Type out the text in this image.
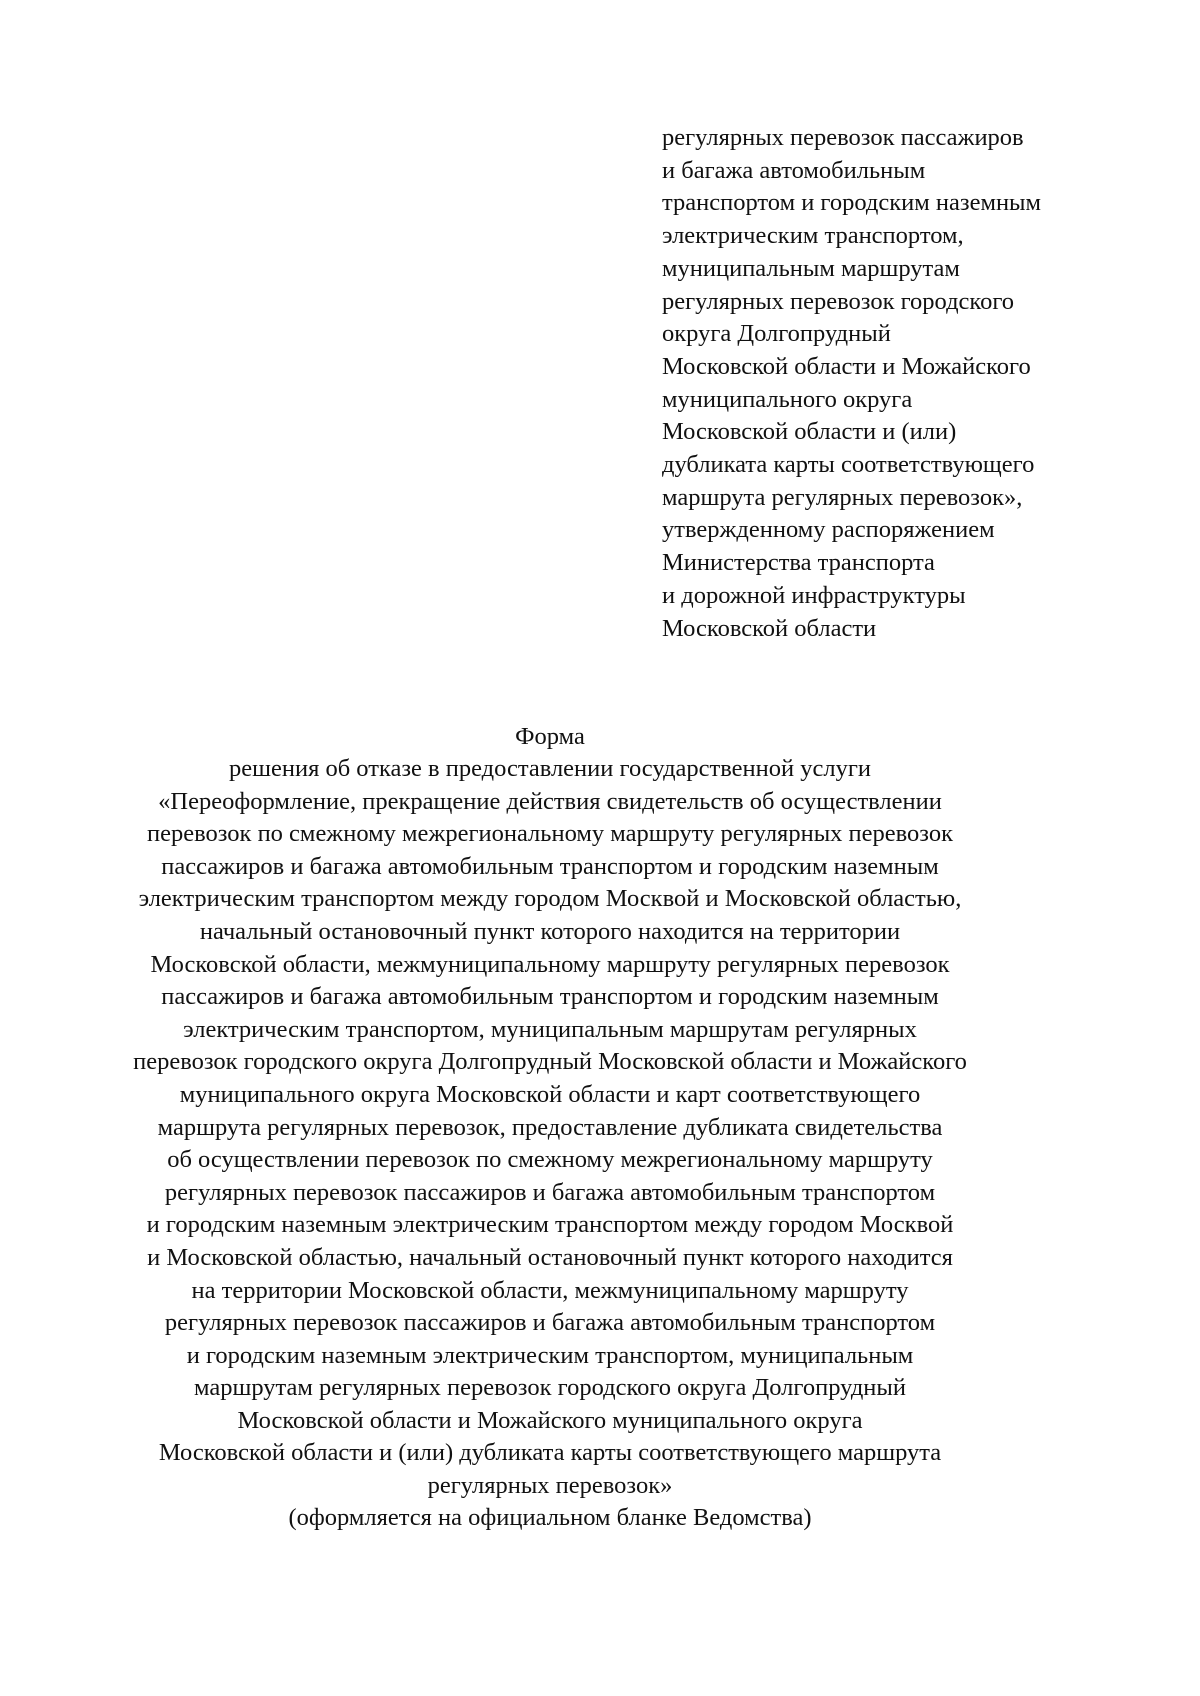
регулярных перевозок пассажиров
и багажа автомобильным
транспортом и городским наземным
электрическим транспортом,
муниципальным маршрутам
регулярных перевозок городского
округа Долгопрудный
Московской области и Можайского
муниципального округа
Московской области и (или)
дубликата карты соответствующего
маршрута регулярных перевозок»,
утвержденному распоряжением
Министерства транспорта
и дорожной инфраструктуры
Московской области
Форма
решения об отказе в предоставлении государственной услуги
«Переоформление, прекращение действия свидетельств об осуществлении
перевозок по смежному межрегиональному маршруту регулярных перевозок
пассажиров и багажа автомобильным транспортом и городским наземным
электрическим транспортом между городом Москвой и Московской областью,
начальный остановочный пункт которого находится на территории
Московской области, межмуниципальному маршруту регулярных перевозок
пассажиров и багажа автомобильным транспортом и городским наземным
электрическим транспортом, муниципальным маршрутам регулярных
перевозок городского округа Долгопрудный Московской области и Можайского
муниципального округа Московской области и карт соответствующего
маршрута регулярных перевозок, предоставление дубликата свидетельства
об осуществлении перевозок по смежному межрегиональному маршруту
регулярных перевозок пассажиров и багажа автомобильным транспортом
и городским наземным электрическим транспортом между городом Москвой
и Московской областью, начальный остановочный пункт которого находится
на территории Московской области, межмуниципальному маршруту
регулярных перевозок пассажиров и багажа автомобильным транспортом
и городским наземным электрическим транспортом, муниципальным
маршрутам регулярных перевозок городского округа Долгопрудный
Московской области и Можайского муниципального округа
Московской области и (или) дубликата карты соответствующего маршрута
регулярных перевозок»
(оформляется на официальном бланке Ведомства)
